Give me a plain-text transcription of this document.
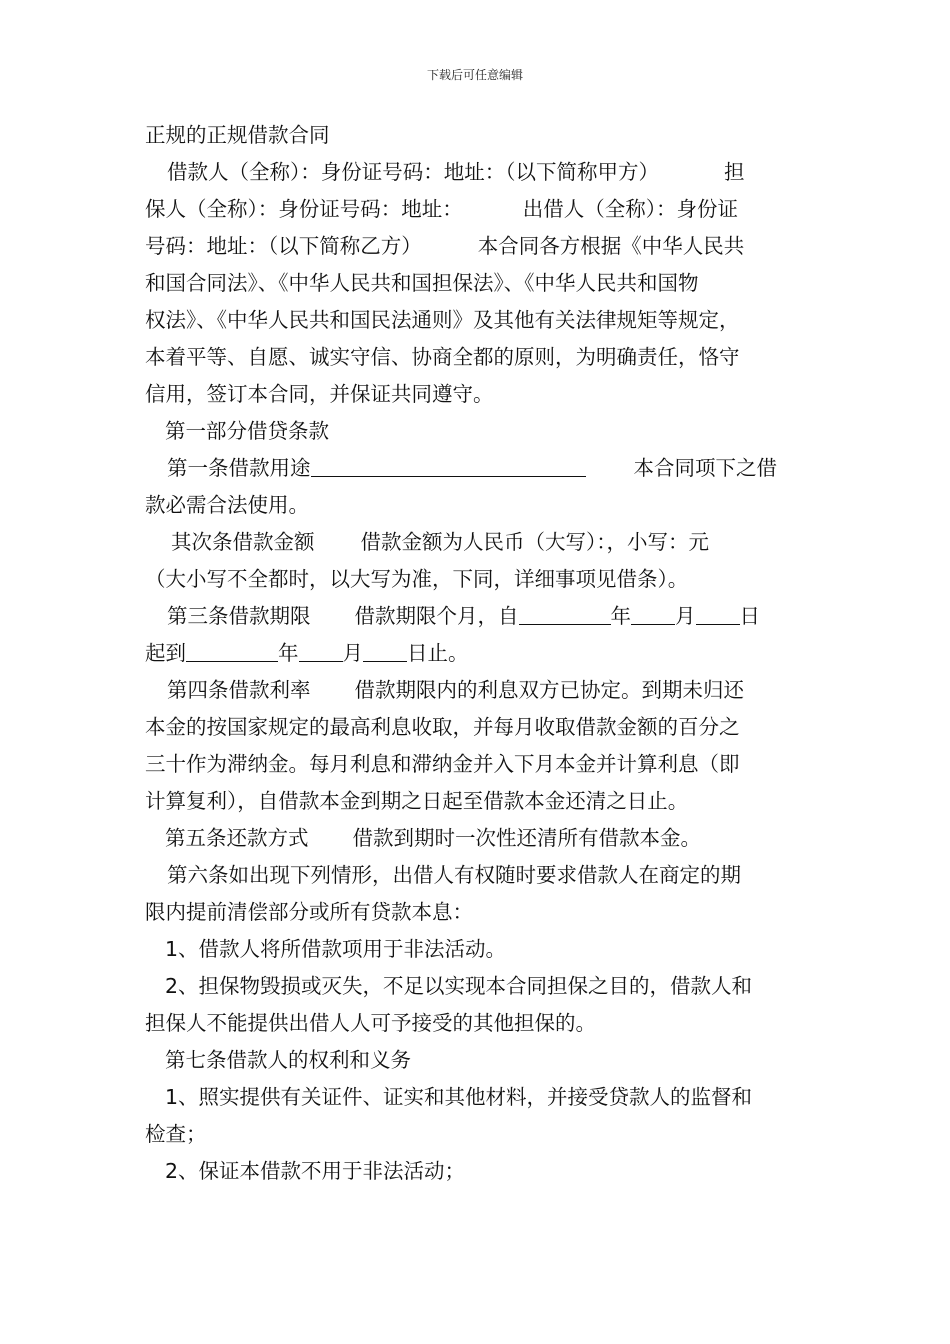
下载后可任意编辑
正规的正规借款合同
借款人（全称）：身份证号码：地址：（以下简称甲方）	担
保人（全称）：身份证号码：地址：	出借人（全称）：身份证
号码：地址：（以下简称乙方）	本合同各方根据《中华人民共
和国合同法》、《中华人民共和国担保法》、《中华人民共和国物
权法》、《中华人民共和国民法通则》及其他有关法律规矩等规定，
本着平等、自愿、诚实守信、协商全都的原则，为明确责任，恪守
信用，签订本合同，并保证共同遵守。
第一部分借贷条款
第一条借款用途	本合同项下之借
款必需合法使用。
其次条借款金额 借款金额为人民币（大写）：，小写：元
（大小写不全都时，以大写为准，下同，详细事项见借条）。
第三条借款期限 借款期限个月，自	年 月 日
起到	年 月 日止。
第四条借款利率 借款期限内的利息双方已协定。到期未归还
本金的按国家规定的最高利息收取，并每月收取借款金额的百分之
三十作为滞纳金。每月利息和滞纳金并入下月本金并计算利息（即
计算复利），自借款本金到期之日起至借款本金还清之日止。
第五条还款方式 借款到期时一次性还清所有借款本金。
第六条如出现下列情形，出借人有权随时要求借款人在商定的期
限内提前清偿部分或所有贷款本息：
1、借款人将所借款项用于非法活动。
2、担保物毁损或灭失，不足以实现本合同担保之目的，借款人和
担保人不能提供出借人人可予接受的其他担保的。
第七条借款人的权利和义务
1、照实提供有关证件、证实和其他材料，并接受贷款人的监督和
检查；
2、保证本借款不用于非法活动；
